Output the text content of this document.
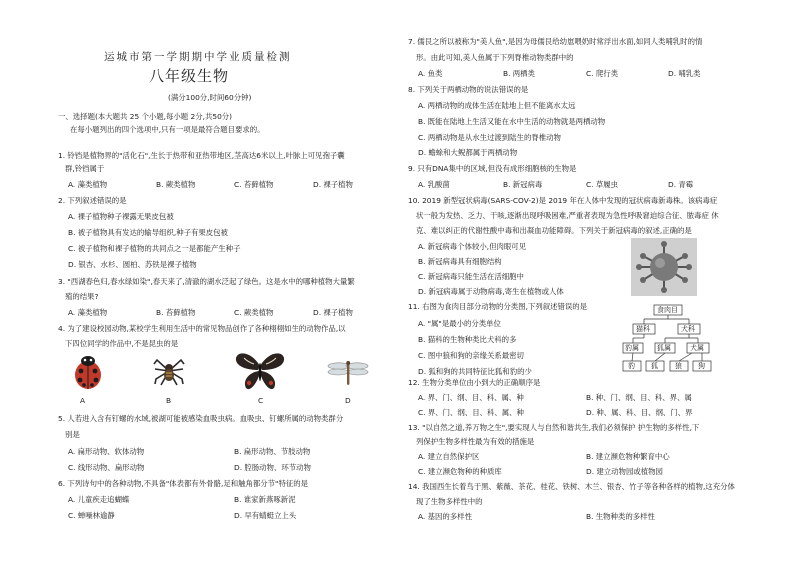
运城市第一学期期中学业质量检测
八年级生物
(满分100分,时间60分钟)
一、选择题(本大题共 25 个小题,每小题 2分,共50分)
在每小题列出的四个选项中,只有一项是最符合题目要求的。
1. 铃铛是植物界的"活化石",生长于热带和亚热带地区,茎高达6米以上,叶脉上可见孢子囊
群,铃铛属于
A. 藻类植物	B. 蕨类植物	C. 苔藓植物	D. 裸子植物
2. 下列叙述错误的是
A. 裸子植物种子裸露无果皮包被
B. 被子植物具有发达的输导组织,种子有果皮包被
C. 被子植物和裸子植物的共同点之一是都能产生种子
D. 银杏、水杉、圆柏、苏铁是裸子植物
3. "西湖春色归,春水绿如染",春天来了,清澈的湖水泛起了绿色。这是水中的哪种植物大量繁
殖的结果?
A. 藻类植物	B. 苔藓植物	C. 蕨类植物	D. 裸子植物
4. 为了建设校园动物,某校学生利用生活中的常见物品创作了各种栩栩如生的动物作品,以
下四位同学的作品中,不是昆虫的是
A	B	C	D
5. 人若进入含有钉螺的水域,被湖可能被感染血吸虫病。血吸虫、钉螺所属的动物类群分
别是
A. 扁形动物、软体动物	B. 扁形动物、节肢动物
C. 线形动物、扁形动物	D. 腔肠动物、环节动物
6. 下列诗句中的各种动物,不具备"体表都有外骨骼,足和触角都分节"特征的是
A. 儿童疾走追蝴蝶	B. 谁家新燕啄新泥
C. 蝉噪林逾静	D. 早有蜻蜓立上头
7. 儒艮之所以被称为"美人鱼",是因为母儒艮给幼崽喂奶时常浮出水面,如同人类哺乳时的情
形。由此可知,美人鱼属于下列脊椎动物类群中的
A. 鱼类	B. 两栖类	C. 爬行类	D. 哺乳类
8. 下列关于两栖动物的说法错误的是
A. 两栖动物的成体生活在陆地上但不能离水太远
B. 既能在陆地上生活又能在水中生活的动物就是两栖动物
C. 两栖动物是从水生过渡到陆生的脊椎动物
D. 蟾蜍和大鲵都属于两栖动物
9. 只有DNA集中的区域,但没有成形细胞核的生物是
A. 乳酸菌	B. 新冠病毒	C. 草履虫	D. 青霉
10. 2019 新型冠状病毒(SARS-COV-2)是 2019 年在人体中发现的冠状病毒新毒株。该病毒症
状一般为发热、乏力、干咳,逐渐出现呼吸困难,严重者表现为急性呼吸窘迫综合征、脓毒症 休
克、难以纠正的代谢性酸中毒和出凝血功能障碍。下列关于新冠病毒的叙述,正确的是
A. 新冠病毒个体较小,但肉眼可见
B. 新冠病毒具有细胞结构
C. 新冠病毒只能生活在活细胞中
D. 新冠病毒属于动物病毒,寄生在植物或人体
11. 右图为食肉目部分动物的分类图,下列叙述错误的是
A. "属"是最小的分类单位
B. 猫科的生物种类比犬科的多
C. 图中狼和狗的亲缘关系最密切
D. 狐和狗的共同特征比狐和豹的少
食肉目
猫科	犬科
豹属	狐属	犬属
豹 狐 狼 狗
12. 生物分类单位由小到大的正确顺序是
A. 界、门、纲、目、科、属、种	B. 种、门、纲、目、科、界、属
C. 界、门、纲、目、科、属、种	D. 种、属、科、目、纲、门、界
13. "以自然之道,养万物之生",要实现人与自然和谐共生,我们必须保护 护生物的多样性,下
列保护生物多样性最为有效的措施是
A. 建立自然保护区	B. 建立濒危物种繁育中心
C. 建立濒危物种的种质库	D. 建立动物园或植物园
14. 我国西生长着鸟于黑、紫薇、茶花、桂花、铁树、木兰、银杏、竹子等各种各样的植物,这充分体
现了生物多样性中的
A. 基因的多样性	B. 生物种类的多样性
